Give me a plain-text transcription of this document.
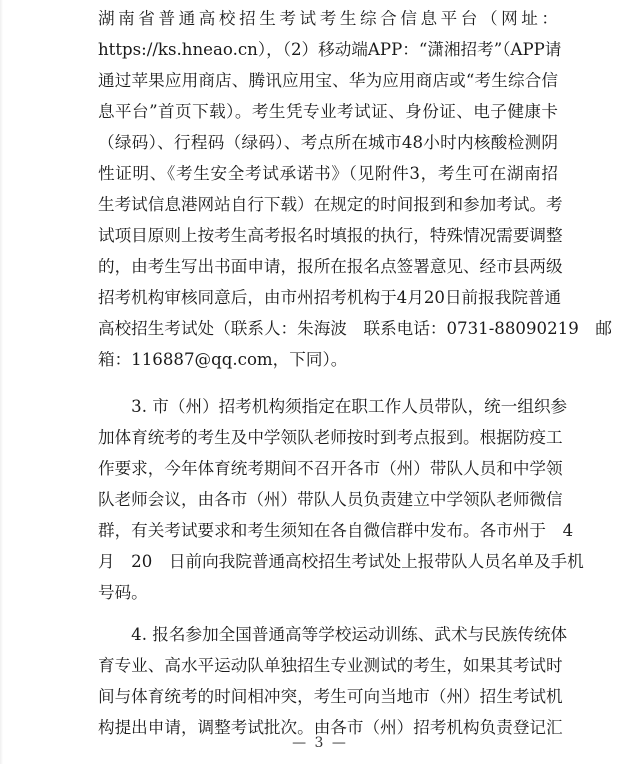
湖南省普通高校招生考试考生综合信息平台（网址：
https://ks.hneao.cn），（2）移动端APP：“潇湘招考”（APP请
通过苹果应用商店、腾讯应用宝、华为应用商店或“考生综合信
息平台”首页下载）。考生凭专业考试证、身份证、电子健康卡
（绿码）、行程码（绿码）、考点所在城市48小时内核酸检测阴
性证明、《考生安全考试承诺书》（见附件3，考生可在湖南招
生考试信息港网站自行下载）在规定的时间报到和参加考试。考
试项目原则上按考生高考报名时填报的执行，特殊情况需要调整
的，由考生写出书面申请，报所在报名点签署意见、经市县两级
招考机构审核同意后，由市州招考机构于4月20日前报我院普通
高校招生考试处（联系人：朱海波　联系电话：0731-88090219　邮
箱：116887@qq.com，下同）。
　　3. 市（州）招考机构须指定在职工作人员带队，统一组织参
加体育统考的考生及中学领队老师按时到考点报到。根据防疫工
作要求，今年体育统考期间不召开各市（州）带队人员和中学领
队老师会议，由各市（州）带队人员负责建立中学领队老师微信
群，有关考试要求和考生须知在各自微信群中发布。各市州于　4
月　20　日前向我院普通高校招生考试处上报带队人员名单及手机
号码。
　　4. 报名参加全国普通高等学校运动训练、武术与民族传统体
育专业、高水平运动队单独招生专业测试的考生，如果其考试时
间与体育统考的时间相冲突，考生可向当地市（州）招生考试机
构提出申请，调整考试批次。由各市（州）招考机构负责登记汇
— 3 —
